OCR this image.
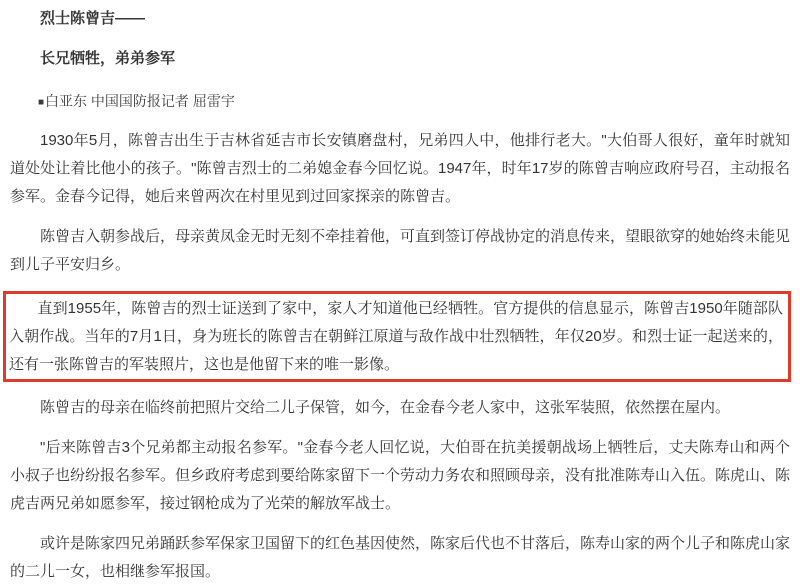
烈士陈曾吉——
长兄牺牲，弟弟参军

■白亚东 中国国防报记者 屈雷宇

1930年5月，陈曾吉出生于吉林省延吉市长安镇磨盘村，兄弟四人中，他排行老大。"大伯哥人很好，童年时就知道处处让着比他小的孩子。"陈曾吉烈士的二弟媳金春今回忆说。1947年，时年17岁的陈曾吉响应政府号召，主动报名参军。金春今记得，她后来曾两次在村里见到过回家探亲的陈曾吉。

陈曾吉入朝参战后，母亲黄凤金无时无刻不牵挂着他，可直到签订停战协定的消息传来，望眼欲穿的她始终未能见到儿子平安归乡。

直到1955年，陈曾吉的烈士证送到了家中，家人才知道他已经牺牲。官方提供的信息显示，陈曾吉1950年随部队入朝作战。当年的7月1日，身为班长的陈曾吉在朝鲜江原道与敌作战中壮烈牺牲，年仅20岁。和烈士证一起送来的，还有一张陈曾吉的军装照片，这也是他留下来的唯一影像。

陈曾吉的母亲在临终前把照片交给二儿子保管，如今，在金春今老人家中，这张军装照，依然摆在屋内。

"后来陈曾吉3个兄弟都主动报名参军。"金春今老人回忆说，大伯哥在抗美援朝战场上牺牲后，丈夫陈寿山和两个小叔子也纷纷报名参军。但乡政府考虑到要给陈家留下一个劳动力务农和照顾母亲，没有批准陈寿山入伍。陈虎山、陈虎吉两兄弟如愿参军，接过钢枪成为了光荣的解放军战士。

或许是陈家四兄弟踊跃参军保家卫国留下的红色基因使然，陈家后代也不甘落后，陈寿山家的两个儿子和陈虎山家的二儿一女，也相继参军报国。
